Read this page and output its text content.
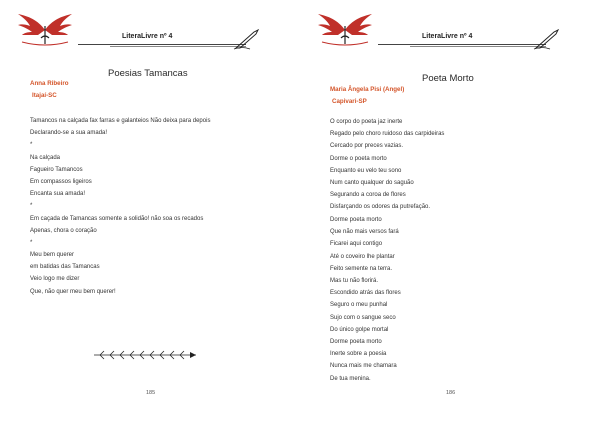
LiteraLivre nº 4
Poesias Tamancas
Anna Ribeiro
Itajaí-SC
Tamancos na calçada fax farras e galanteios Não deixa para depois
Declarando-se a sua amada!
*
Na calçada
Fagueiro Tamancos
Em compassos ligeiros
Encanta sua amada!
*
Em caçada de Tamancas somente a solidão! não soa os recados
Apenas, chora o coração
*
Meu bem querer
em batidas das Tamancas
Veio logo me dizer
Que, não quer meu bem querer!
185
LiteraLivre nº 4
Poeta Morto
Maria Ângela Pisi (Angel)
Capivari-SP
O corpo do poeta jaz inerte
Regado pelo choro ruidoso das carpideiras
Cercado por preces vazias.
Dorme o poeta morto
Enquanto eu velo teu sono
Num canto qualquer do saguão
Segurando a coroa de flores
Disfarçando os odores da putrefação.
Dorme poeta morto
Que não mais versos fará
Ficarei aqui contigo
Até o coveiro lhe plantar
Feito semente na terra.
Mas tu não florirá.
Escondido atrás das flores
Seguro o meu punhal
Sujo com o sangue seco
Do único golpe mortal
Dorme poeta morto
Inerte sobre a poesia
Nunca mais me chamara
De tua menina.
186
